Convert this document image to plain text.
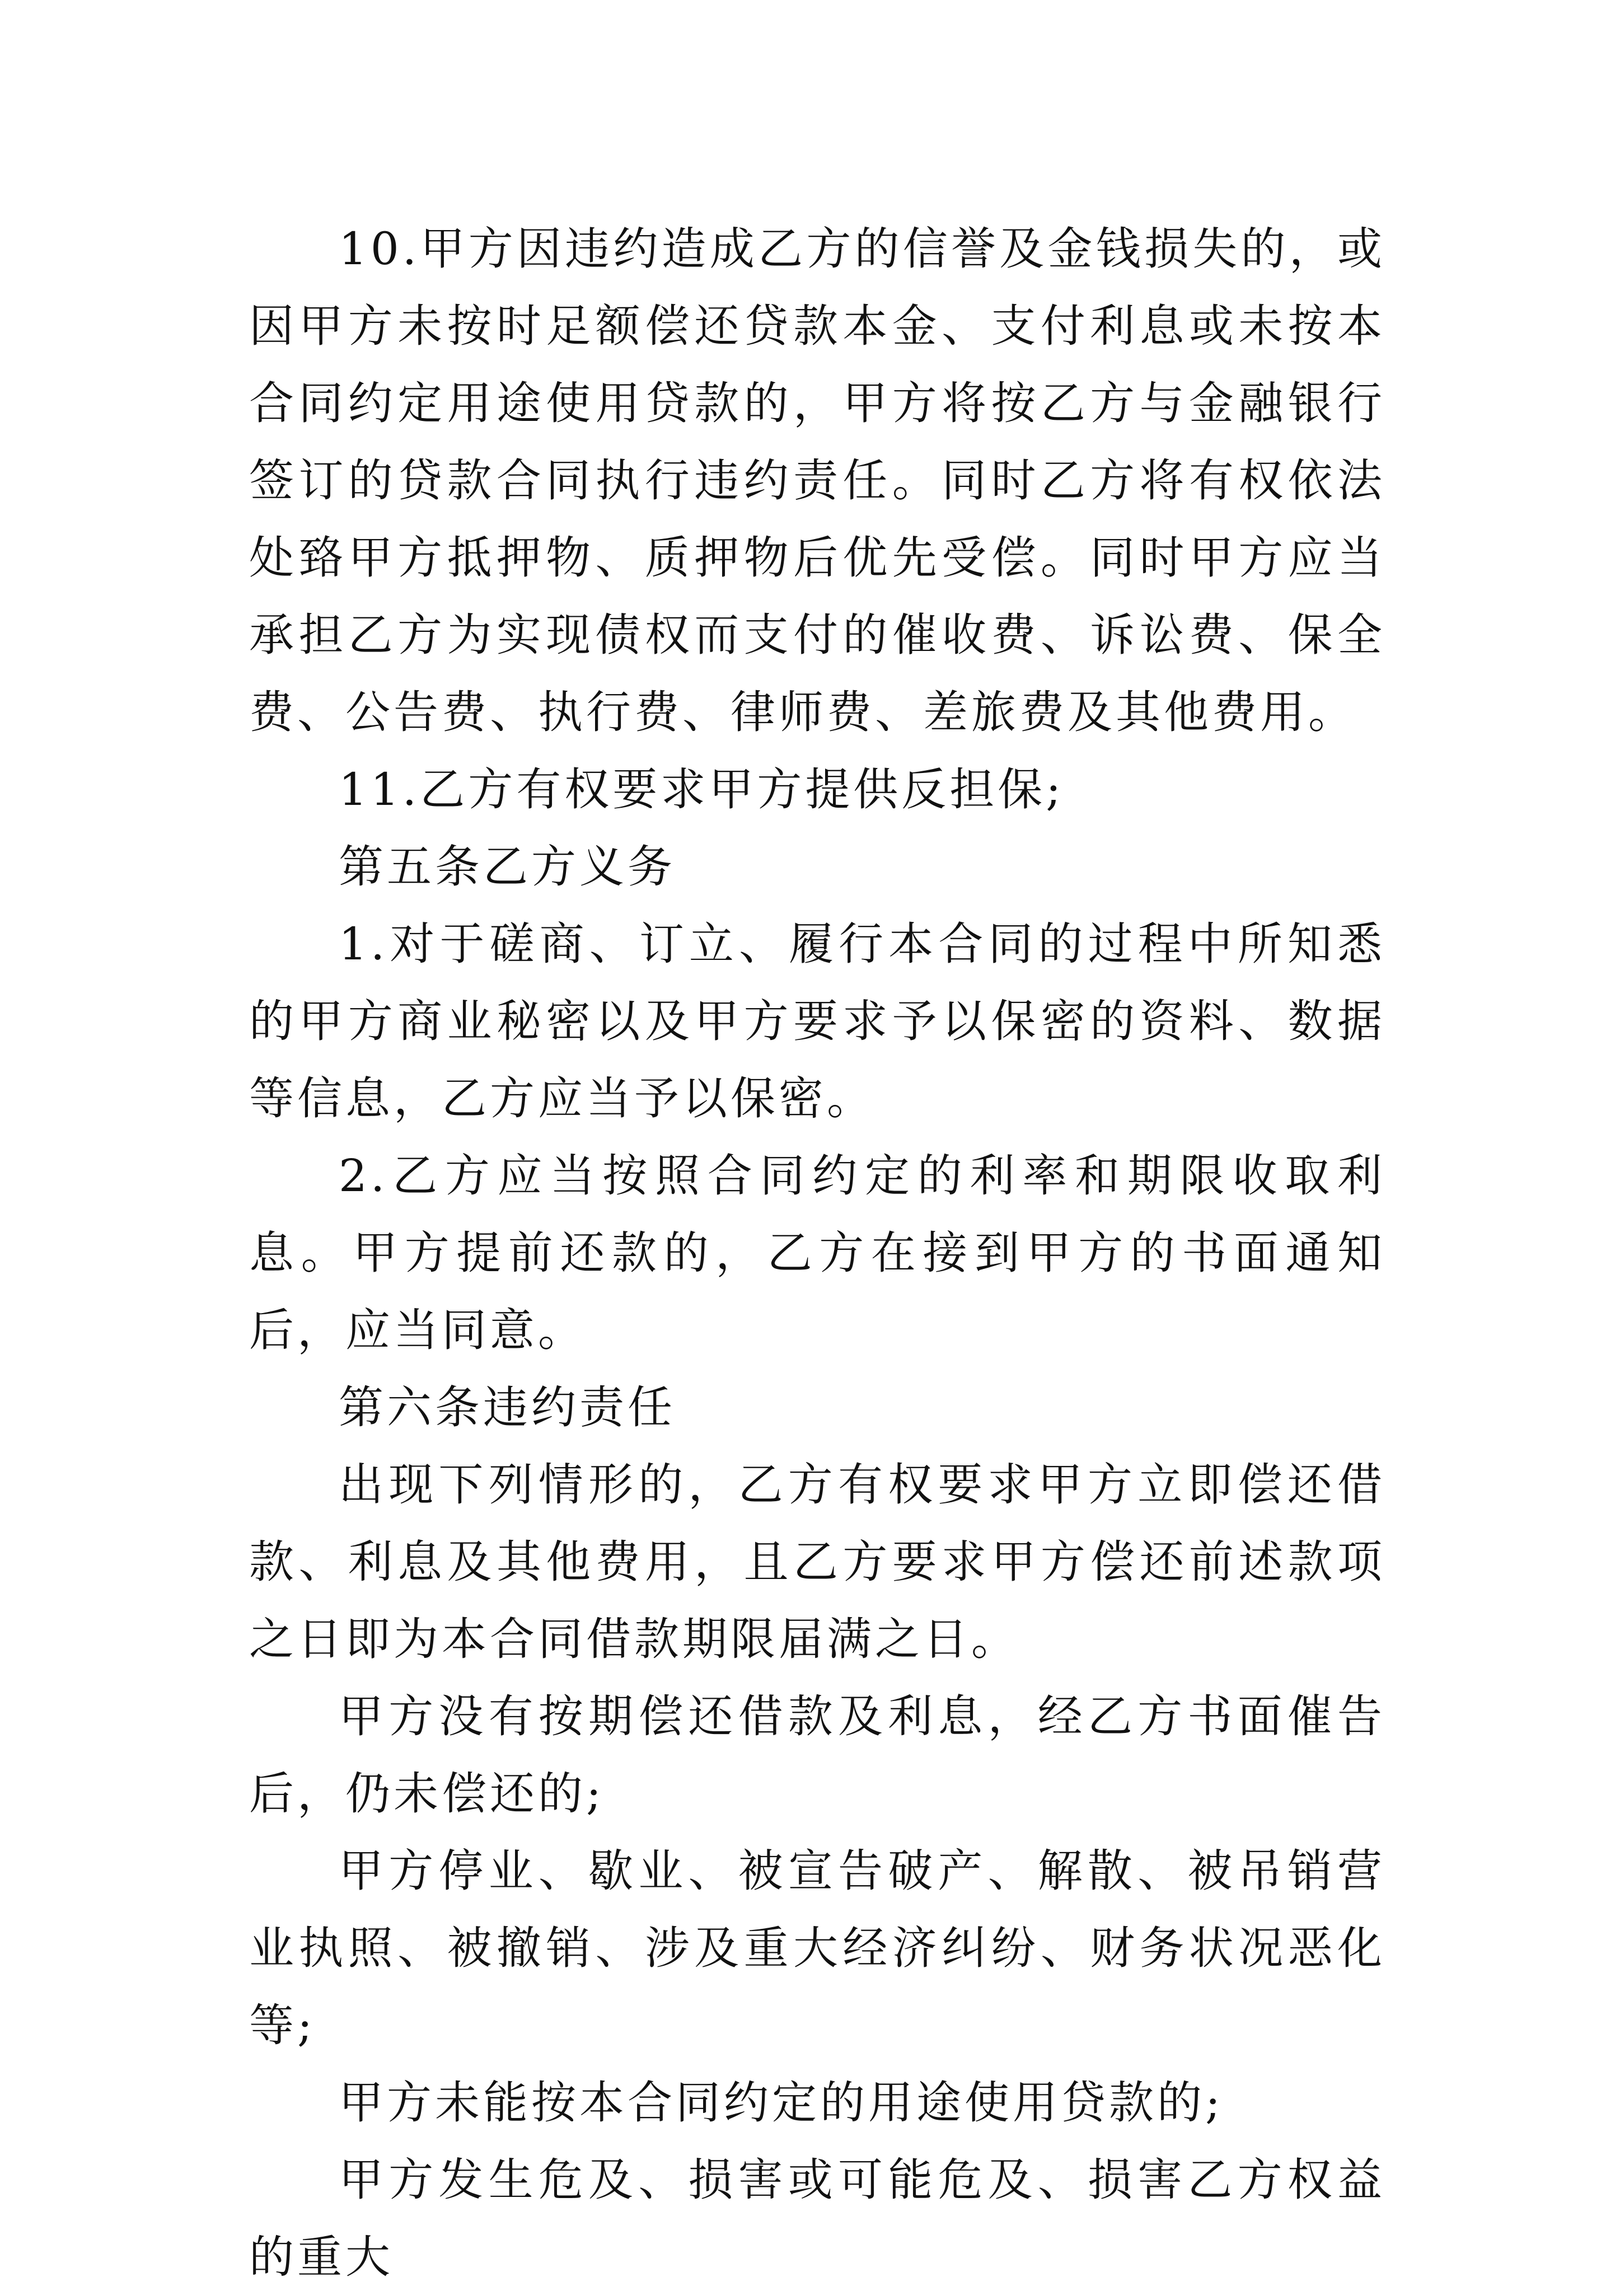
10.甲方因违约造成乙方的信誉及金钱损失的，或因甲方未按时足额偿还贷款本金、支付利息或未按本合同约定用途使用贷款的，甲方将按乙方与金融银行签订的贷款合同执行违约责任。同时乙方将有权依法处臵甲方抵押物、质押物后优先受偿。同时甲方应当承担乙方为实现债权而支付的催收费、诉讼费、保全费、公告费、执行费、律师费、差旅费及其他费用。

11.乙方有权要求甲方提供反担保;

第五条乙方义务

1.对于磋商、订立、履行本合同的过程中所知悉的甲方商业秘密以及甲方要求予以保密的资料、数据等信息，乙方应当予以保密。

2.乙方应当按照合同约定的利率和期限收取利息。甲方提前还款的，乙方在接到甲方的书面通知后，应当同意。

第六条违约责任

出现下列情形的，乙方有权要求甲方立即偿还借款、利息及其他费用，且乙方要求甲方偿还前述款项之日即为本合同借款期限届满之日。

甲方没有按期偿还借款及利息，经乙方书面催告后，仍未偿还的;

甲方停业、歇业、被宣告破产、解散、被吊销营业执照、被撤销、涉及重大经济纠纷、财务状况恶化等;

甲方未能按本合同约定的用途使用贷款的;

甲方发生危及、损害或可能危及、损害乙方权益的重大
